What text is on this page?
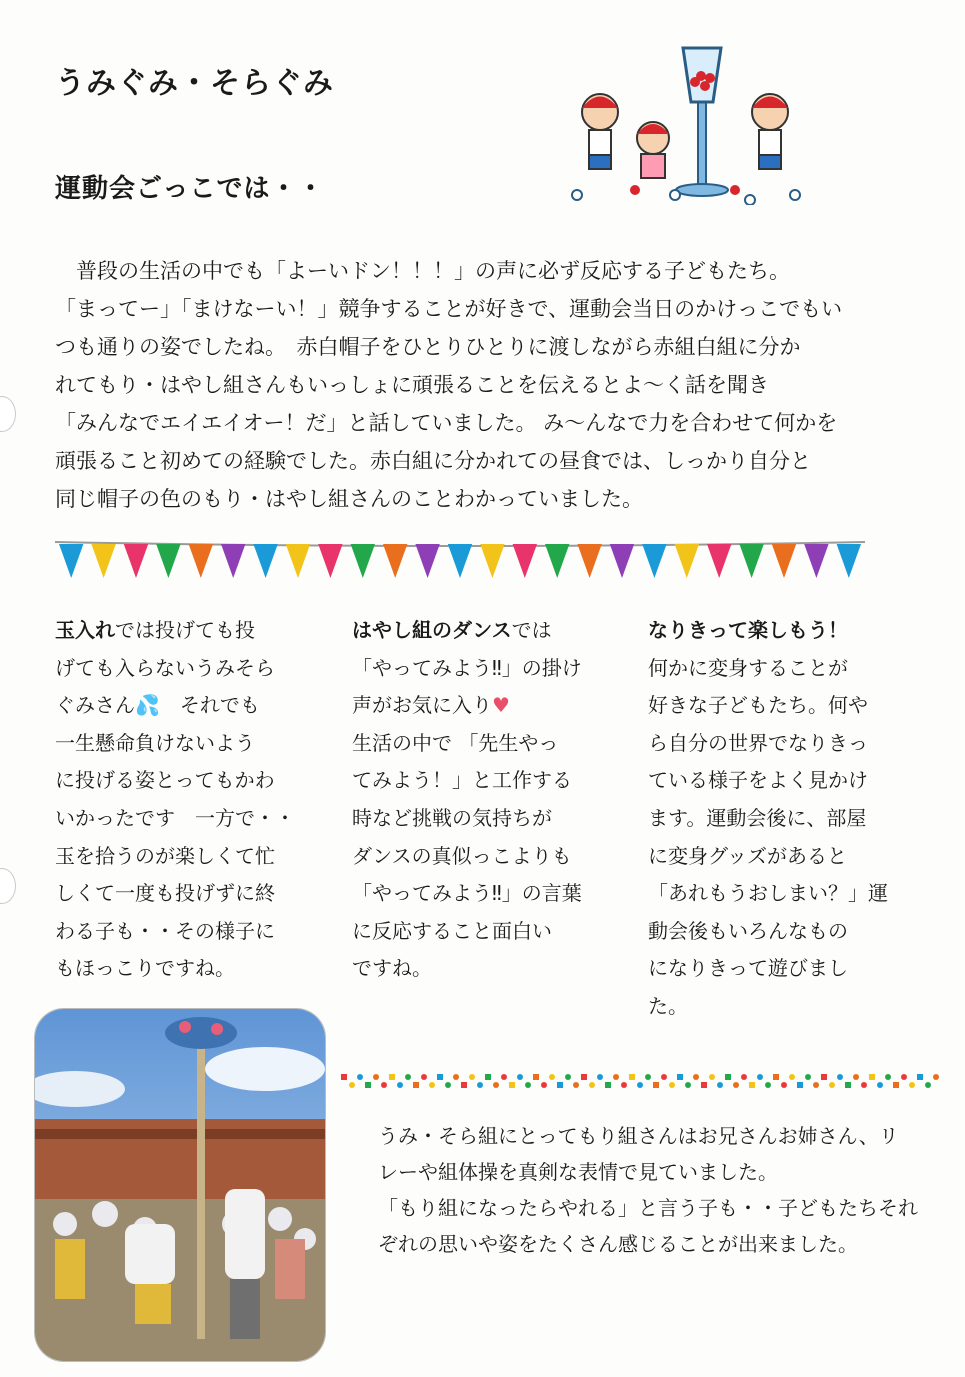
うみぐみ・そらぐみ
運動会ごっこでは・・
　普段の生活の中でも「よーいドン！！！」の声に必ず反応する子どもたち。
「まってー」「まけなーい！」競争することが好きで、運動会当日のかけっこでもい
つも通りの姿でしたね。　赤白帽子をひとりひとりに渡しながら赤組白組に分か
れてもり・はやし組さんもいっしょに頑張ることを伝えるとよ～く話を聞き
「みんなでエイエイオー！だ」と話していました。 み～んなで力を合わせて何かを
頑張ること初めての経験でした。赤白組に分かれての昼食では、しっかり自分と
同じ帽子の色のもり・はやし組さんのことわかっていました。
玉入れでは投げても投
げても入らないうみそら
ぐみさん💦　それでも
一生懸命負けないよう
に投げる姿とってもかわ
いかったです　一方で・・
玉を拾うのが楽しくて忙
しくて一度も投げずに終
わる子も・・その様子に
もほっこりですね。
はやし組のダンスでは
「やってみよう‼」の掛け
声がお気に入り♥
生活の中で 「先生やっ
てみよう！」と工作する
時など挑戦の気持ちが
ダンスの真似っこよりも
「やってみよう‼」の言葉
に反応すること面白い
ですね。
なりきって楽しもう！
何かに変身することが
好きな子どもたち。何や
ら自分の世界でなりきっ
ている様子をよく見かけ
ます。運動会後に、部屋
に変身グッズがあると
「あれもうおしまい？」運
動会後もいろんなもの
になりきって遊びまし
た。
うみ・そら組にとってもり組さんはお兄さんお姉さん、リ
レーや組体操を真剣な表情で見ていました。
「もり組になったらやれる」と言う子も・・子どもたちそれ
ぞれの思いや姿をたくさん感じることが出来ました。
